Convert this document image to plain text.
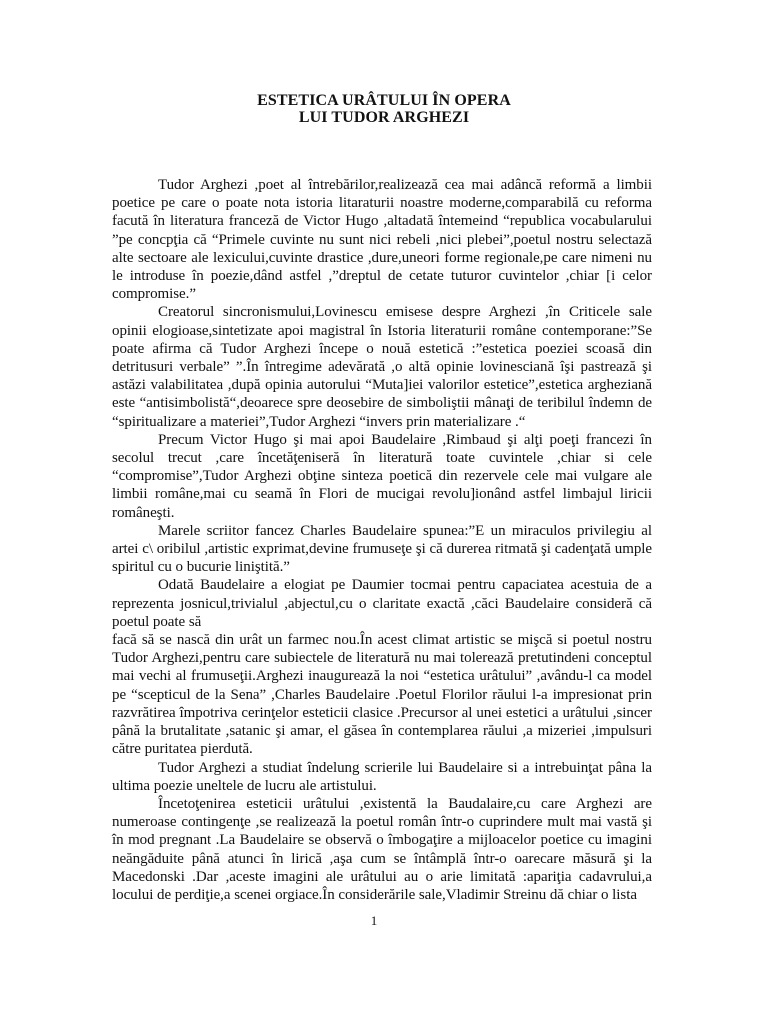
ESTETICA URÂTULUI ÎN OPERA
LUI TUDOR ARGHEZI

Tudor Arghezi ,poet al întrebărilor,realizează cea mai adâncă reformă a limbii poetice pe care o poate nota istoria litaraturii noastre moderne,comparabilă cu reforma facută în literatura franceză de Victor Hugo ,altadată întemeind “republica vocabularului ”pe concpţia că “Primele cuvinte nu sunt nici rebeli ,nici plebei”,poetul nostru selectază alte sectoare ale lexicului,cuvinte drastice ,dure,uneori forme regionale,pe care nimeni nu le introduse în poezie,dând astfel ,”dreptul de cetate tuturor cuvintelor ,chiar [i celor compromise.”

Creatorul sincronismului,Lovinescu emisese despre Arghezi ,în Criticele sale opinii elogioase,sintetizate apoi magistral în Istoria literaturii române contemporane:”Se poate afirma că Tudor Arghezi începe o nouă estetică :”estetica poeziei scoasă din detritusuri verbale” ”.În întregime adevărată ,o altă opinie lovinesciană îşi pastrează şi astăzi valabilitatea ,după opinia autorului “Muta]iei valorilor estetice”,estetica argheziană este “antisimbolistă“,deoarece spre deosebire de simboliştii mânaţi de teribilul îndemn de “spiritualizare a materiei”,Tudor Arghezi “invers prin materializare .“

Precum Victor Hugo şi mai apoi Baudelaire ,Rimbaud şi alţi poeţi francezi în secolul trecut ,care încetăţeniseră în literatură toate cuvintele ,chiar si cele “compromise”,Tudor Arghezi obţine sinteza poetică din rezervele cele mai vulgare ale limbii române,mai cu seamă în Flori de mucigai revolu]ionând astfel limbajul liricii româneşti.

Marele scriitor fancez Charles Baudelaire spunea:”E un miraculos privilegiu al artei c\ oribilul ,artistic exprimat,devine frumuseţe şi că durerea ritmată şi cadenţată umple spiritul cu o bucurie liniştită.”

Odată Baudelaire a elogiat pe Daumier tocmai pentru capaciatea acestuia de a reprezenta josnicul,trivialul ,abjectul,cu o claritate exactă ,căci Baudelaire consideră că poetul poate să

facă să se nască din urât un farmec nou.În acest climat artistic se mişcă si poetul nostru Tudor Arghezi,pentru care subiectele de literatură nu mai tolerează pretutindeni conceptul mai vechi al frumuseţii.Arghezi inaugurează la noi “estetica urâtului” ,avându-l ca model pe “scepticul de la Sena” ,Charles Baudelaire .Poetul Florilor răului l-a impresionat prin razvrătirea împotriva cerinţelor esteticii clasice .Precursor al unei estetici a urâtului ,sincer până la brutalitate ,satanic şi amar, el găsea în contemplarea răului ,a mizeriei ,impulsuri către puritatea pierdută.

Tudor Arghezi a studiat îndelung scrierile lui Baudelaire si a intrebuinţat pâna la ultima poezie uneltele de lucru ale artistului.

Încetoţenirea esteticii urâtului ,existentă la Baudalaire,cu care Arghezi are numeroase contingenţe ,se realizează la poetul român într-o cuprindere mult mai vastă şi în mod pregnant .La Baudelaire se observă o îmbogaţire a mijloacelor poetice cu imagini neăngăduite până atunci în lirică ,aşa cum se întâmplă într-o oarecare măsură şi la Macedonski .Dar ,aceste imagini ale urâtului au o arie limitată :apariţia cadavrului,a locului de perdiţie,a scenei orgiace.În considerările sale,Vladimir Streinu dă chiar o lista

1
